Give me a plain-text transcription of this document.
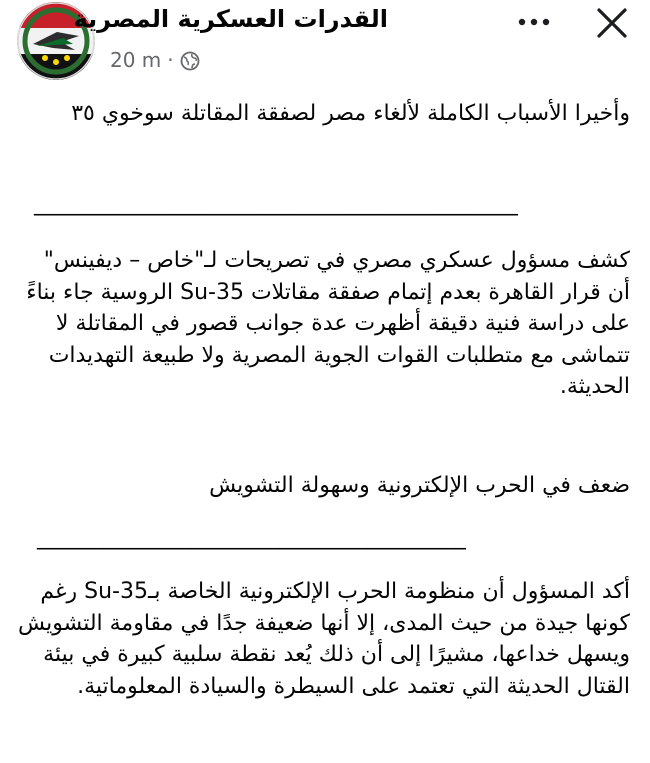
القدرات العسكرية المصرية
20 m ·

وأخيرا الأسباب الكاملة لألغاء مصر لصفقة المقاتلة سوخوي ٣٥

____________________________________________

كشف مسؤول عسكري مصري في تصريحات لـ"خاص – ديفينس" أن قرار القاهرة بعدم إتمام صفقة مقاتلات Su-35 الروسية جاء بناءً على دراسة فنية دقيقة أظهرت عدة جوانب قصور في المقاتلة لا تتماشى مع متطلبات القوات الجوية المصرية ولا طبيعة التهديدات الحديثة.

ضعف في الحرب الإلكترونية وسهولة التشويش

_______________________________________

أكد المسؤول أن منظومة الحرب الإلكترونية الخاصة بـSu-35 رغم كونها جيدة من حيث المدى، إلا أنها ضعيفة جدًا في مقاومة التشويش ويسهل خداعها، مشيرًا إلى أن ذلك يُعد نقطة سلبية كبيرة في بيئة القتال الحديثة التي تعتمد على السيطرة والسيادة المعلوماتية.
